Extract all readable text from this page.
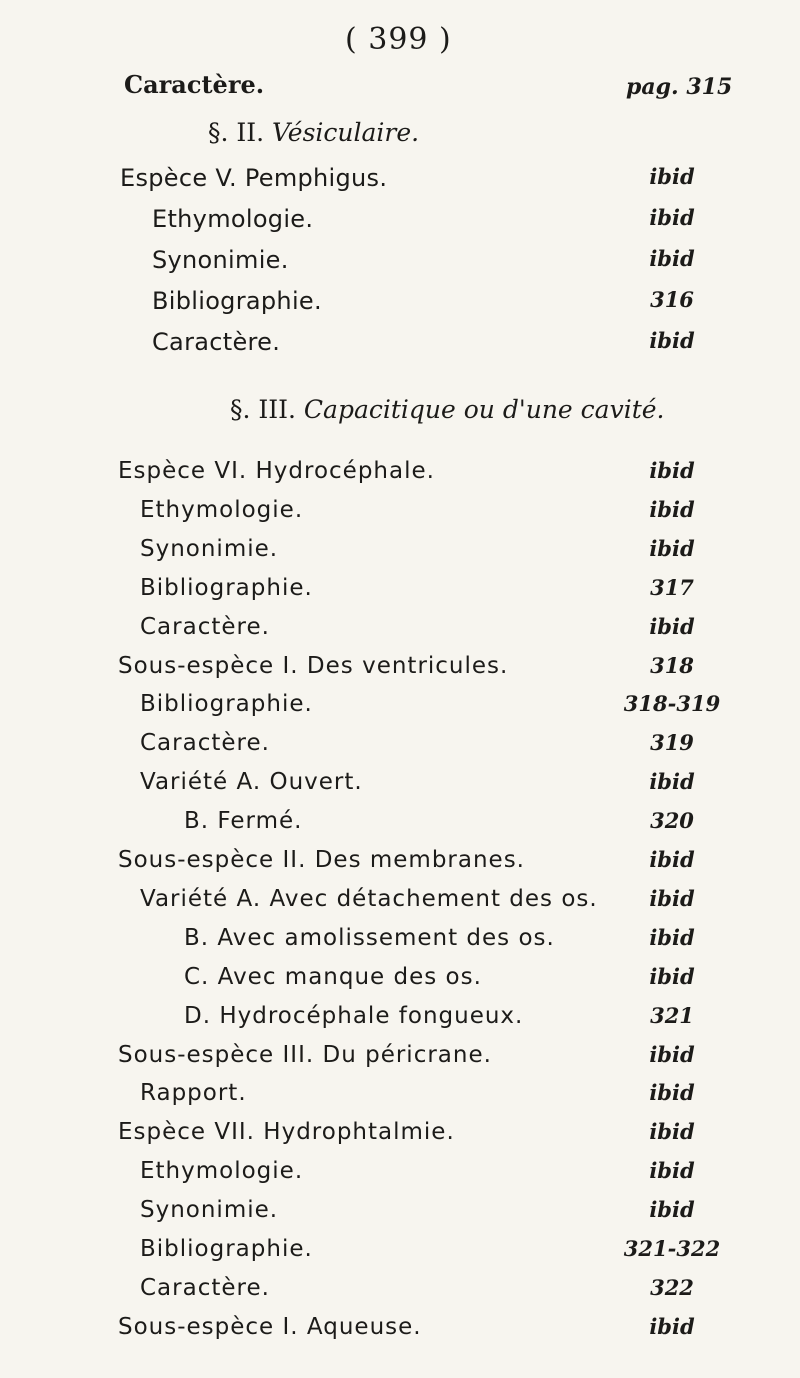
( 399 )
Caractère.	pag. 315
§. II. Vésiculaire.
Espèce V. Pemphigus.	ibid
Ethymologie.	ibid
Synonimie.	ibid
Bibliographie.	316
Caractère.	ibid
§. III. Capacitique ou d'une cavité.
Espèce VI. Hydrocéphale.	ibid
Ethymologie.	ibid
Synonimie.	ibid
Bibliographie.	317
Caractère.	ibid
Sous-espèce I. Des ventricules.	318
Bibliographie.	318-319
Caractère.	319
Variété A. Ouvert.	ibid
B. Fermé.	320
Sous-espèce II. Des membranes.	ibid
Variété A. Avec détachement des os.	ibid
B. Avec amolissement des os.	ibid
C. Avec manque des os.	ibid
D. Hydrocéphale fongueux.	321
Sous-espèce III. Du péricrane.	ibid
Rapport.	ibid
Espèce VII. Hydrophtalmie.	ibid
Ethymologie.	ibid
Synonimie.	ibid
Bibliographie.	321-322
Caractère.	322
Sous-espèce I. Aqueuse.	ibid
